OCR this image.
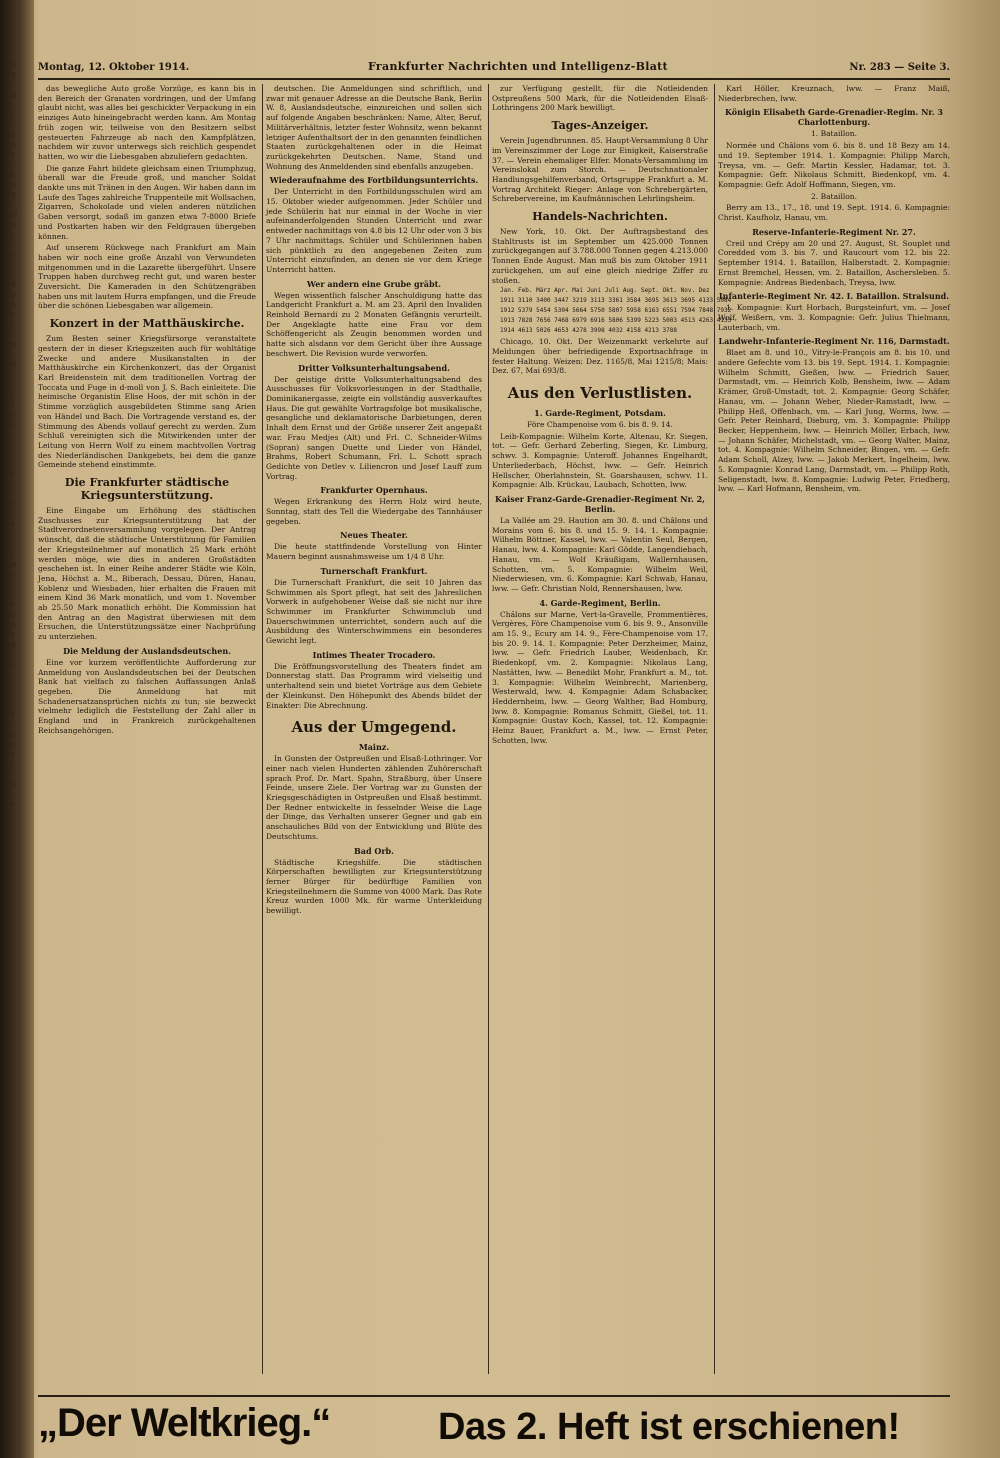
ne

en

e-

ng

st

in

ft

se

be

er

n-

ch

ge

en

n-

Hr

de

ie

ll

er

sl

t-

en

ne

ch

er

ie

e-

en

tt

nd

ft

d.

in

nt

en

ß-

a

b

c

d

te

g-

u

er

rl

re

r-

I:

ie

ne

m

w

lt

er

ge

ne

se

ne

g

le

n-

n-

e-

ft

er

ß

te

en

er

m

e-

ge

d-

er

p

g

e

a

n

Montag, 12. Oktober 1914.	Frankfurter Nachrichten und Intelligenz-Blatt	Nr. 283 — Seite 3.

das bewegliche Auto große Vorzüge, es kann bis in den Bereich der Granaten vordringen, und der Umfang glaubt nicht, was alles bei geschickter Verpackung in ein einziges Auto hineingebracht werden kann. Am Montag früh zogen wir, teilweise von den Besitzern selbst gesteuerten Fahrzeuge ab nach den Kampfplätzen, nachdem wir zuvor unterwegs sich reichlich gespendet hatten, wo wir die Liebesgaben abzuliefern gedachten.

Die ganze Fahrt bildete gleichsam einen Triumphzug, überall war die Freude groß, und mancher Soldat dankte uns mit Tränen in den Augen. Wir haben dann im Laufe des Tages zahlreiche Truppenteile mit Wollsachen, Zigarren, Schokolade und vielen anderen nützlichen Gaben versorgt, sodaß im ganzen etwa 7-8000 Briefe und Postkarten haben wir den Feldgrauen übergeben können.

Auf unserem Rückwege nach Frankfurt am Main haben wir noch eine große Anzahl von Verwundeten mitgenommen und in die Lazarette übergeführt. Unsere Truppen haben durchweg recht gut, und waren bester Zuversicht. Die Kameraden in den Schützengräben haben uns mit lautem Hurra empfangen, und die Freude über die schönen Liebesgaben war allgemein.

Konzert in der Matthäuskirche.

Zum Besten seiner Kriegsfürsorge veranstaltete gestern der in dieser Kriegszeiten auch für wohltätige Zwecke und andere Musikanstalten in der Matthäuskirche ein Kirchenkonzert, das der Organist Karl Breidenstein mit dem traditionellen Vortrag der Toccata und Fuge in d-moll von J. S. Bach einleitete. Die heimische Organistin Elise Hoos, der mit schön in der Stimme vorzüglich ausgebildeten Stimme sang Arien von Händel und Bach. Die Vortragende verstand es, der Stimmung des Abends vollauf gerecht zu werden. Zum Schluß vereinigten sich die Mitwirkenden unter der Leitung von Herrn Wolf zu einem machtvollen Vortrag des Niederländischen Dankgebets, bei dem die ganze Gemeinde stehend einstimmte.

Die Frankfurter städtische Kriegsunterstützung.

Eine Eingabe um Erhöhung des städtischen Zuschusses zur Kriegsunterstützung hat der Stadtverordnetenversammlung vorgelegen. Der Antrag wünscht, daß die städtische Unterstützung für Familien der Kriegsteilnehmer auf monatlich 25 Mark erhöht werden möge, wie dies in anderen Großstädten geschehen ist. In einer Reihe anderer Städte wie Köln, Jena, Höchst a. M., Biberach, Dessau, Düren, Hanau, Koblenz und Wiesbaden, hier erhalten die Frauen mit einem Kind 36 Mark monatlich, und vom 1. November ab 25.50 Mark monatlich erhöht. Die Kommission hat den Antrag an den Magistrat überwiesen mit dem Ersuchen, die Unterstützungssätze einer Nachprüfung zu unterziehen.

Die Meldung der Auslandsdeutschen.

Eine vor kurzem veröffentlichte Aufforderung zur Anmeldung von Auslandsdeutschen bei der Deutschen Bank hat vielfach zu falschen Auffassungen Anlaß gegeben. Die Anmeldung hat mit Schadenersatzansprüchen nichts zu tun; sie bezweckt vielmehr lediglich die Feststellung der Zahl aller in England und in Frankreich zurückgehaltenen Reichsangehörigen.

deutschen. Die Anmeldungen sind schriftlich, und zwar mit genauer Adresse an die Deutsche Bank, Berlin W. 8, Auslandsdeutsche, einzureichen und sollen sich auf folgende Angaben beschränken: Name, Alter, Beruf, Militärverhältnis, letzter fester Wohnsitz, wenn bekannt letziger Aufenthaltsort der in den genannten feindlichen Staaten zurückgehaltenen oder in die Heimat zurückgekehrten Deutschen. Name, Stand und Wohnung des Anmeldenden sind ebenfalls anzugeben.

Wiederaufnahme des Fortbildungsunterrichts.

Der Unterricht in den Fortbildungsschulen wird am 15. Oktober wieder aufgenommen. Jeder Schüler und jede Schülerin hat nur einmal in der Woche in vier aufeinanderfolgenden Stunden Unterricht und zwar entweder nachmittags von 4.8 bis 12 Uhr oder von 3 bis 7 Uhr nachmittags. Schüler und Schülerinnen haben sich pünktlich zu den angegebenen Zeiten zum Unterricht einzufinden, an denen sie vor dem Kriege Unterricht hatten.

Wer andern eine Grube gräbt.

Wegen wissentlich falscher Anschuldigung hatte das Landgericht Frankfurt a. M. am 23. April den Invaliden Reinhold Bernardi zu 2 Monaten Gefängnis verurteilt. Der Angeklagte hatte eine Frau vor dem Schöffengericht als Zeugin benommen worden und hatte sich alsdann vor dem Gericht über ihre Aussage beschwert. Die Revision wurde verworfen.

Dritter Volksunterhaltungsabend.

Der geistige dritte Volksunterhaltungsabend des Ausschusses für Volksvorlesungen in der Stadthalle, Dominikanergasse, zeigte ein vollständig ausverkauftes Haus. Die gut gewählte Vortragsfolge bot musikalische, gesangliche und deklamatorische Darbietungen, deren Inhalt dem Ernst und der Größe unserer Zeit angepaßt war. Frau Medjes (Alt) und Frl. C. Schneider-Wilms (Sopran) sangen Duette und Lieder von Händel, Brahms, Robert Schumann, Frl. L. Schott sprach Gedichte von Detlev v. Liliencron und Josef Lauff zum Vortrag.

Frankfurter Opernhaus.

Wegen Erkrankung des Herrn Holz wird heute, Sonntag, statt des Tell die Wiedergabe des Tannhäuser gegeben.

Neues Theater.

Die heute stattfindende Vorstellung von Hinter Mauern beginnt ausnahmsweise um 1/4 8 Uhr.

Turnerschaft Frankfurt.

Die Turnerschaft Frankfurt, die seit 10 Jahren das Schwimmen als Sport pflegt, hat seit des Jahreslichen Vorwerk in aufgehobener Weise daß sie nicht nur ihre Schwimmer im Frankfurter Schwimmclub und Dauerschwimmen unterrichtet, sondern auch auf die Ausbildung des Winterschwimmens ein besonderes Gewicht legt.

Intimes Theater Trocadero.

Die Eröffnungsvorstellung des Theaters findet am Donnerstag statt. Das Programm wird vielseitig und unterhaltend sein und bietet Vorträge aus dem Gebiete der Kleinkunst. Den Höhepunkt des Abends bildet der Einakter: Die Abrechnung.

Aus der Umgegend.
Mainz.

In Gunsten der Ostpreußen und Elsaß-Lothringer. Vor einer nach vielen Hunderten zählenden Zuhörerschaft sprach Prof. Dr. Mart. Spahn, Straßburg, über Unsere Feinde, unsere Ziele. Der Vortrag war zu Gunsten der Kriegsgeschädigten in Ostpreußen und Elsaß bestimmt. Der Redner entwickelte in fesselnder Weise die Lage der Dinge, das Verhalten unserer Gegner und gab ein anschauliches Bild von der Entwicklung und Blüte des Deutschtums.

Bad Orb.

Städtische Kriegshilfe. Die städtischen Körperschaften bewilligten zur Kriegsunterstützung ferner Bürger für bedürftige Familien von Kriegsteilnehmern die Summe von 4000 Mark. Das Rote Kreuz wurden 1000 Mk. für warme Unterkleidung bewilligt.

zur Verfügung gestellt, für die Notleidenden Ostpreußens 500 Mark, für die Notleidenden Elsaß-Lothringens 200 Mark bewilligt.

Tages-Anzeiger.

Verein Jugendbrunnen. 85. Haupt-Versammlung 8 Uhr im Vereinszimmer der Loge zur Einigkeit, Kaiserstraße 37. — Verein ehemaliger Elfer. Monats-Versammlung im Vereinslokal zum Storch. — Deutschnationaler Handlungsgehilfenverband, Ortsgruppe Frankfurt a. M. Vortrag Architekt Rieger: Anlage von Schrebergärten, Schrebervereine, im Kaufmännischen Lehrlingsheim.

Handels-Nachrichten.

New York, 10. Okt. Der Auftragsbestand des Stahltrusts ist im September um 425.000 Tonnen zurückgegangen auf 3.788.000 Tonnen gegen 4.213.000 Tonnen Ende August. Man muß bis zum Oktober 1911 zurückgehen, um auf eine gleich niedrige Ziffer zu stoßen.

Jan. Feb. März Apr. Mai Juni Juli Aug. Sept. Okt. Nov. Dez

1911 3110 3400 3447 3219 3113 3361 3584 3695 3613 3695 4133 5084

1912 5379 5454 5304 5664 5750 5807 5958 6163 6551 7594 7848 7932

1913 7828 7656 7468 6979 6916 5806 5399 5223 5003 4513 4263 4133

1914 4613 5026 4653 4278 3998 4032 4158 4213 3788

Chicago, 10. Okt. Der Weizenmarkt verkehrte auf Meldungen über befriedigende Exportnachfrage in fester Haltung. Weizen: Dez. 1165/8, Mai 1215/8; Mais: Dez. 67, Mai 693/8.

Aus den Verlustlisten.
1. Garde-Regiment, Potsdam.

Före Champenoise vom 6. bis 8. 9. 14.

Leib-Kompagnie: Wilhelm Korte, Altenau, Kr. Siegen, tot. — Gefr. Gerhard Zeberling, Siegen, Kr. Limburg, schwv. 3. Kompagnie: Unteroff. Johannes Engelhardt, Unterliederbach, Höchst, lww. — Gefr. Heinrich Hellscher, Oberlahnstein, St. Goarshausen, schwv. 11. Kompagnie: Alb. Krückau, Laubach, Schotten, lww.

Kaiser Franz-Garde-Grenadier-Regiment Nr. 2, Berlin.

La Vallée am 29. Haution am 30. 8. und Châlons und Morains vom 6. bis 8. und 15. 9. 14. 1. Kompagnie: Wilhelm Böttner, Kassel, lww. — Valentin Seul, Bergen, Hanau, lww. 4. Kompagnie: Karl Gödde, Langendiebach, Hanau, vm. — Wolf Kräußigam, Wallernhausen, Schotten, vm. 5. Kompagnie: Wilhelm Weil, Niederwiesen, vm. 6. Kompagnie: Karl Schwab, Hanau, lww. — Gefr. Christian Nold, Rennershausen, lww.

4. Garde-Regiment, Berlin.

Châlons sur Marne, Vert-la-Gravelle, Frommentières, Vergères, Före Champenoise vom 6. bis 9. 9., Ansonville am 15. 9., Ecury am 14. 9., Fère-Champenoise vom 17. bis 20. 9. 14. 1. Kompagnie: Peter Derzheimer, Mainz, lww. — Gefr. Friedrich Lauber, Weidenbach, Kr. Biedenkopf, vm. 2. Kompagnie: Nikolaus Lang, Nastätten, lww. — Benedikt Mohr, Frankfurt a. M., tot. 3. Kompagnie: Wilhelm Weinbrecht, Marienberg, Westerwald, lww. 4. Kompagnie: Adam Schabacker, Heddernheim, lww. — Georg Walther, Bad Homburg, lww. 8. Kompagnie: Romanus Schmitt, Gießel, tot. 11. Kompagnie: Gustav Koch, Kassel, tot. 12. Kompagnie: Heinz Bauer, Frankfurt a. M., lww. — Ernst Peter, Schotten, lww.

Karl Höller, Kreuznach, lww. — Franz Maiß, Niederbrechen, lww.

Königin Elisabeth Garde-Grenadier-Regim. Nr. 3 Charlottenburg.

1. Bataillon.

Normée und Châlons vom 6. bis 8. und 18 Bezy am 14. und 19. September 1914. 1. Kompagnie: Philipp March, Treysa, vm. — Gefr. Martin Kessler, Hadamar, tot. 3. Kompagnie: Gefr. Nikolaus Schmitt, Biedenkopf, vm. 4. Kompagnie: Gefr. Adolf Hoffmann, Siegen, vm.

2. Bataillon.

Berry am 13., 17., 18. und 19. Sept. 1914. 6. Kompagnie: Christ. Kaufholz, Hanau, vm.

Reserve-Infanterie-Regiment Nr. 27.

Creil und Crépy am 20 und 27. August, St. Souplet und Coredded vom 3. bis 7. und Raucourt vom 12. bis 22. September 1914. 1. Bataillon, Halberstadt. 2. Kompagnie: Ernst Bremchel, Hessen, vm. 2. Bataillon, Aschersleben. 5. Kompagnie: Andreas Biedenbach, Treysa, lww.

Infanterie-Regiment Nr. 42. I. Bataillon. Stralsund.

1. Kompagnie: Kurt Horbach, Burgsteinfurt, vm. — Josef Wolf, Weißern, vm. 3. Kompagnie: Gefr. Julius Thielmann, Lauterbach, vm.

Landwehr-Infanterie-Regiment Nr. 116, Darmstadt.

Blaet am 8. und 10., Vitry-le-François am 8. bis 10. und andere Gefechte vom 13. bis 19. Sept. 1914. 1. Kompagnie: Wilhelm Schmitt, Gießen, lww. — Friedrich Sauer, Darmstadt, vm. — Heinrich Kolb, Bensheim, lww. — Adam Krämer, Groß-Umstadt, tot. 2. Kompagnie: Georg Schäfer, Hanau, vm. — Johann Weber, Nieder-Ramstadt, lww. — Philipp Heß, Offenbach, vm. — Karl Jung, Worms, lww. — Gefr. Peter Reinhard, Dieburg, vm. 3. Kompagnie: Philipp Becker, Heppenheim, lww. — Heinrich Möller, Erbach, lww. — Johann Schäfer, Michelstadt, vm. — Georg Walter, Mainz, tot. 4. Kompagnie: Wilhelm Schneider, Bingen, vm. — Gefr. Adam Scholl, Alzey, lww. — Jakob Merkert, Ingelheim, lww. 5. Kompagnie: Konrad Lang, Darmstadt, vm. — Philipp Roth, Seligenstadt, lww. 8. Kompagnie: Ludwig Peter, Friedberg, lww. — Karl Hofmann, Bensheim, vm.

„Der Weltkrieg.“	Das 2. Heft ist erschienen!
